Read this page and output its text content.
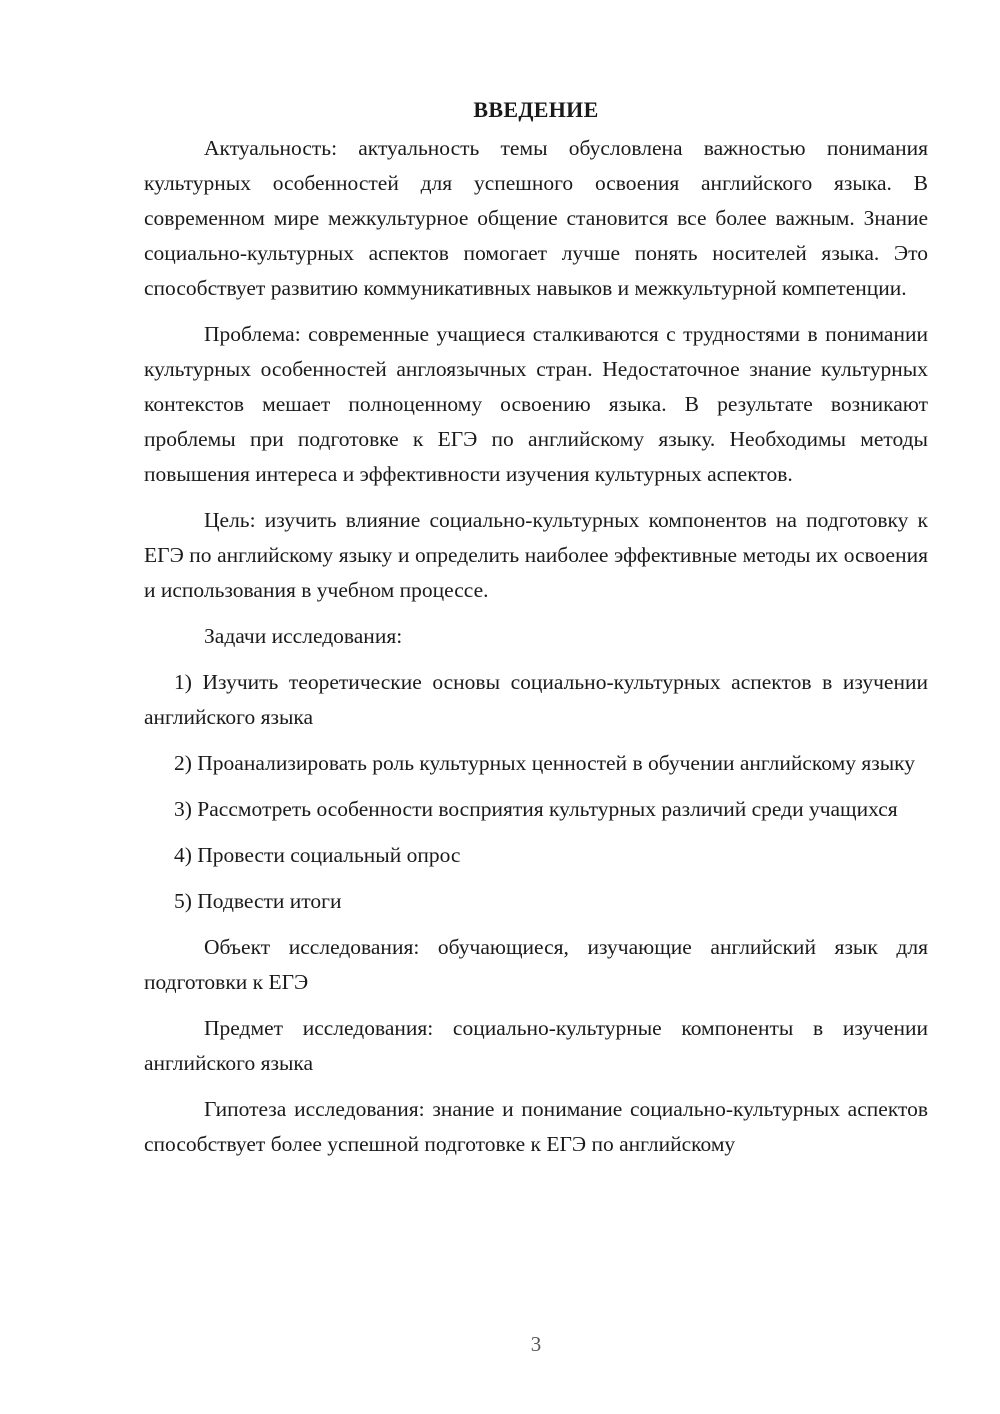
ВВЕДЕНИЕ

Актуальность: актуальность темы обусловлена важностью понимания культурных особенностей для успешного освоения английского языка. В современном мире межкультурное общение становится все более важным. Знание социально-культурных аспектов помогает лучше понять носителей языка. Это способствует развитию коммуникативных навыков и межкультурной компетенции.

Проблема: современные учащиеся сталкиваются с трудностями в понимании культурных особенностей англоязычных стран. Недостаточное знание культурных контекстов мешает полноценному освоению языка. В результате возникают проблемы при подготовке к ЕГЭ по английскому языку. Необходимы методы повышения интереса и эффективности изучения культурных аспектов.

Цель: изучить влияние социально-культурных компонентов на подготовку к ЕГЭ по английскому языку и определить наиболее эффективные методы их освоения и использования в учебном процессе.

Задачи исследования:

1) Изучить теоретические основы социально-культурных аспектов в изучении английского языка

2) Проанализировать роль культурных ценностей в обучении английскому языку

3) Рассмотреть особенности восприятия культурных различий среди учащихся

4) Провести социальный опрос

5) Подвести итоги

Объект исследования: обучающиеся, изучающие английский язык для подготовки к ЕГЭ

Предмет исследования: социально-культурные компоненты в изучении английского языка

Гипотеза исследования: знание и понимание социально-культурных аспектов способствует более успешной подготовке к ЕГЭ по английскому

3
